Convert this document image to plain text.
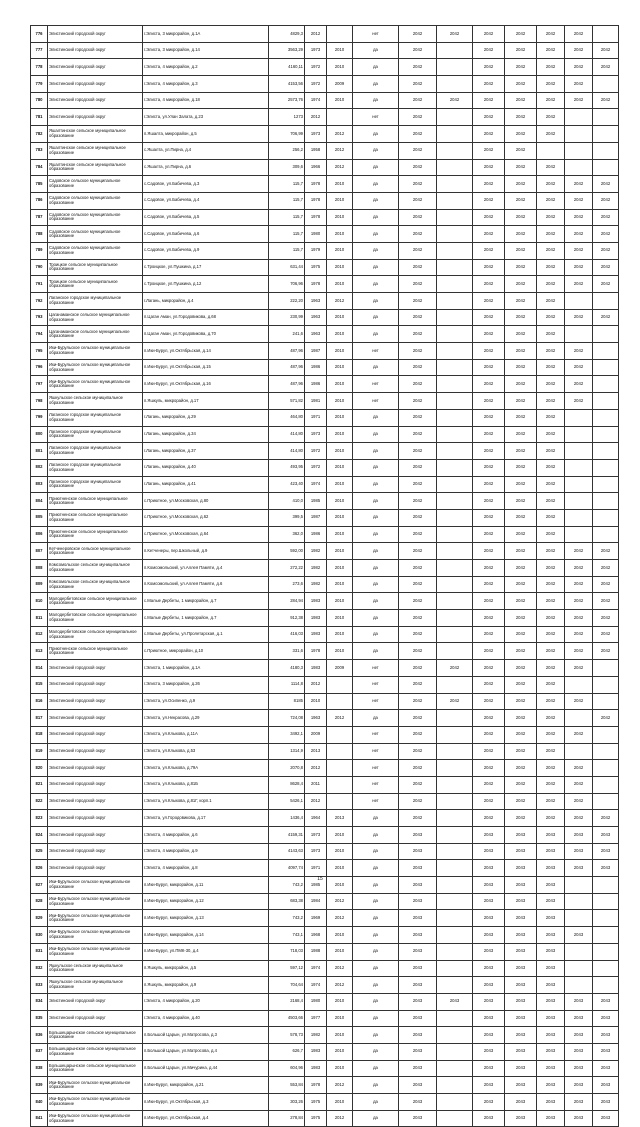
776	Элистинский городской округ	г.Элиста, 3 микрорайон, д.1А	4829,3	2012		нет	2042	2042	2042	2042	2042	2042	
777	Элистинский городской округ	г.Элиста, 3 микрорайон, д.14	3563,29	1973	2010	да	2042		2042	2042	2042	2042	2042
778	Элистинский городской округ	г.Элиста, 4 микрорайон, д.2	4160,11	1972	2010	да	2042		2042	2042	2042	2042	2042
779	Элистинский городской округ	г.Элиста, 4 микрорайон, д.3	4153,56	1972	2009	да	2042		2042	2042	2042	2042	
780	Элистинский городской округ	г.Элиста, 4 микрорайон, д.18	2573,76	1974	2010	да	2042	2042	2042	2042	2042	2042	2042
781	Элистинский городской округ	г.Элиста, ул.Улан Залата, д.23	1273	2012		нет	2042		2042	2042	2042		
782	Яшалтинское сельское муниципальное образование	п.Яшалта, микрорайон, д.5	706,99	1973	2012	да	2042		2042	2042	2042		
783	Яшалтинское сельское муниципальное образование	с.Яшалта, ул.Пирна, д.4	256,2	1958	2012	да	2042		2042	2042			
784	Яшалтинское сельское муниципальное образование	с.Яшалта, ул.Пирна, д.6	309,6	1966	2012	да	2042		2042	2042	2042		
785	Садовское сельское муниципальное образование	с.Садовое, ул.Бабичева, д.3	115,7	1978	2010	да	2042		2042	2042	2042	2042	2042
786	Садовское сельское муниципальное образование	с.Садовое, ул.Бабичева, д.4	115,7	1978	2010	да	2042		2042	2042	2042	2042	2042
787	Садовское сельское муниципальное образование	с.Садовое, ул.Бабичева, д.5	115,7	1978	2010	да	2042		2042	2042	2042	2042	2042
788	Садовское сельское муниципальное образование	с.Садовое, ул.Бабичева, д.6	115,7	1980	2010	да	2042		2042	2042	2042	2042	2042
789	Садовское сельское муниципальное образование	с.Садовое, ул.Бабичева, д.9	115,7	1979	2010	да	2042		2042	2042	2042	2042	2042
790	Троицкое сельское муниципальное образование	с.Троицкое, ул.Пушкина, д.17	631,44	1975	2010	да	2042		2042	2042	2042	2042	2042
791	Троицкое сельское муниципальное образование	с.Троицкое, ул.Пушкина, д.12	706,96	1978	2010	да	2042		2042	2042	2042	2042	2042
792	Лаганское городское муниципальное образование	г.Лагань, микрорайон, д.4	222,20	1963	2012	да	2042		2042	2042	2042		
793	Цаганаманское сельское муниципальное образование	п.Цаган Аман, ул.Городовикова, д.68	230,99	1963	2010	да	2042		2042	2042	2042	2042	2042
794	Цаганаманское сельское муниципальное образование	п.Цаган Аман, ул.Городовикова, д.70	241,6	1963	2010	да	2042		2042	2042	2042		
795	Ики-Бурульское сельское муниципальное образование	п.Ики-Бурул, ул.Октябрьская, д.14	487,96	1987	2010	нет	2042		2042	2042	2042	2042	
796	Ики-Бурульское сельское муниципальное образование	п.Ики-Бурул, ул.Октябрьская, д.15	487,96	1986	2010	да	2042		2042	2042	2042	2042	
797	Ики-Бурульское сельское муниципальное образование	п.Ики-Бурул, ул.Октябрьская, д.16	487,96	1986	2010	нет	2042		2042	2042	2042	2042	
798	Яшкульское сельское муниципальное образование	п.Яшкуль, микрорайон, д.17	571,82	1981	2010	нет	2042		2042	2042	2042	2042	
799	Лаганское городское муниципальное образование	г.Лагань, микрорайон, д.29	464,80	1971	2010	да	2042		2042	2042	2042		
800	Лаганское городское муниципальное образование	г.Лагань, микрорайон, д.34	414,80	1973	2010	да	2042		2042	2042	2042		
801	Лаганское городское муниципальное образование	г.Лагань, микрорайон, д.37	414,80	1972	2010	да	2042		2042	2042	2042		
802	Лаганское городское муниципальное образование	г.Лагань, микрорайон, д.40	493,95	1972	2010	да	2042		2042	2042	2042		
803	Лаганское городское муниципальное образование	г.Лагань, микрорайон, д.41	423,40	1974	2010	да	2042		2042	2042	2042		
804	Приютненское сельское муниципальное образование	с.Приютное, ул.Московская, д.80	410,0	1985	2010	да	2042		2042	2042	2042		
805	Приютненское сельское муниципальное образование	с.Приютное, ул.Московская, д.62	399,5	1987	2010	да	2042		2042	2042	2042		
806	Приютненское сельское муниципальное образование	с.Приютное, ул.Московская, д.64	362,0	1986	2010	да	2042		2042	2042	2042		
807	Кетченеровское сельское муниципальное образование	п.Кетченеры, пер.Школьный, д.9	592,00	1982	2010	да	2042		2042	2042	2042	2042	2042
808	Комсомольское сельское муниципальное образование	п.Комсомольский, ул.Аллея Памяти, д.4	272,22	1982	2010	да	2042		2042	2042	2042	2042	2042
809	Комсомольское сельское муниципальное образование	п.Комсомольский, ул.Аллея Памяти, д.6	273,6	1982	2010	да	2042		2042	2042	2042	2042	2042
810	Малодербетовское сельское муниципальное образование	с.Малые Дербеты, 1 микрорайон, д.7	284,94	1983	2010	да	2042		2042	2042	2042	2042	2042
811	Малодербетовское сельское муниципальное образование	с.Малые Дербеты, 1 микрорайон, д.7	912,38	1983	2010	да	2042		2042	2042	2042	2042	2042
812	Малодербетовское сельское муниципальное образование	с.Малые Дербеты, ул.Пролетарская, д.1	416,03	1983	2010	да	2042		2042	2042	2042	2042	2042
813	Приютненское сельское муниципальное образование	с.Приютное, микрорайон, д.10	331,6	1978	2010	да	2042		2042	2042	2042	2042	2042
814	Элистинский городской округ	г.Элиста, 1 микрорайон, д.1А	4180,3	1983	2009	нет	2042	2042	2042	2042	2042	2042	
815	Элистинский городской округ	г.Элиста, 3 микрорайон, д.26	1114,8	2012		нет	2042		2042	2042	2042		
816	Элистинский городской округ	г.Элиста, ул.Осипенко, д.9	8185	2010		нет	2042	2042	2042	2042	2042	2042	
817	Элистинский городской округ	г.Элиста, ул.Некрасова, д.29	724,08	1963	2012	да	2042		2042	2042	2042		2042
818	Элистинский городской округ	г.Элиста, ул.Клыкова, д.11А	3492,1	2009		нет	2042		2042	2042	2042	2042	
819	Элистинский городской округ	г.Элиста, ул.Клыкова, д.53	1314,9	2013		нет	2042		2042	2042	2042		
820	Элистинский городской округ	г.Элиста, ул.Клыкова, д.79А	2070,8	2012		нет	2042		2042	2042	2042	2042	
821	Элистинский городской округ	г.Элиста, ул.Клыкова, д.81Б	8628,4	2011		нет	2042		2042	2042	2042	2042	
822	Элистинский городской округ	г.Элиста, ул.Клыкова, д.81Г, корп.1	5426,1	2012		нет	2042		2042	2042	2042	2042	
823	Элистинский городской округ	г.Элиста, ул.Городовикова, д.17	1436,4	1964	2013	да	2042		2042	2042	2042	2042	2042
824	Элистинский городской округ	г.Элиста, 4 микрорайон, д.6	4159,31	1973	2010	да	2043		2043	2043	2043	2043	2043
825	Элистинский городской округ	г.Элиста, 4 микрорайон, д.9	4143,63	1973	2010	да	2043		2043	2043	2043	2043	2043
826	Элистинский городской округ	г.Элиста, 4 микрорайон, д.8	4097,74	1971	2010	да	2043		2043	2043	2043	2043	2043
827	Ики-Бурульское сельское муниципальное образование	п.Ики-Бурул, микрорайон, д.11	743,2	1985	2010	да	2043		2043	2043	2043		
828	Ики-Бурульское сельское муниципальное образование	п.Ики-Бурул, микрорайон, д.12	683,38	1984	2012	да	2043		2043	2043	2043		
829	Ики-Бурульское сельское муниципальное образование	п.Ики-Бурул, микрорайон, д.13	743,2	1969	2012	да	2043		2043	2043	2043		
830	Ики-Бурульское сельское муниципальное образование	п.Ики-Бурул, микрорайон, д.14	743,1	1968	2010	да	2043		2043	2043	2043	2043	
831	Ики-Бурульское сельское муниципальное образование	п.Ики-Бурул, ул.ПМК-30, д.4	718,03	1988	2010	да	2043		2043	2043	2043		
832	Яшкульское сельское муниципальное образование	п.Яшкуль, микрорайон, д.5	597,12	1974	2012	да	2043		2043	2043	2043		
833	Яшкульское сельское муниципальное образование	п.Яшкуль, микрорайон, д.9	704,64	1974	2012	да	2043		2043	2043	2043		
834	Элистинский городской округ	г.Элиста, 4 микрорайон, д.20	2168,4	1980	2010	да	2043	2043	2043	2043	2043	2043	2043
835	Элистинский городской округ	г.Элиста, 4 микрорайон, д.40	4503,66	1977	2010	да	2043		2043	2043	2043	2043	2043
836	Большецарынское сельское муниципальное образование	п.Большой Царын, ул.Матросова, д.3	578,73	1982	2010	да	2043		2043	2043	2043	2043	2043
837	Большецарынское сельское муниципальное образование	п.Большой Царын, ул.Матросова, д.4	626,7	1983	2010	да	2043		2043	2043	2043	2043	2043
838	Большецарынское сельское муниципальное образование	п.Большой Царын, ул.Мичурина, д.44	604,96	1983	2010	да	2043		2043	2043	2043	2043	2043
839	Ики-Бурульское сельское муниципальное образование	п.Ики-Бурул, микрорайон, д.21	553,84	1978	2012	да	2043		2043	2043	2043	2043	2043
840	Ики-Бурульское сельское муниципальное образование	п.Ики-Бурул, ул.Октябрьская, д.3	303,26	1975	2010	да	2043		2043	2043	2043	2043	2043
841	Ики-Бурульское сельское муниципальное образование	п.Ики-Бурул, ул.Октябрьская, д.4	278,84	1975	2012	да	2043		2043	2043	2043	2043	2043
15
